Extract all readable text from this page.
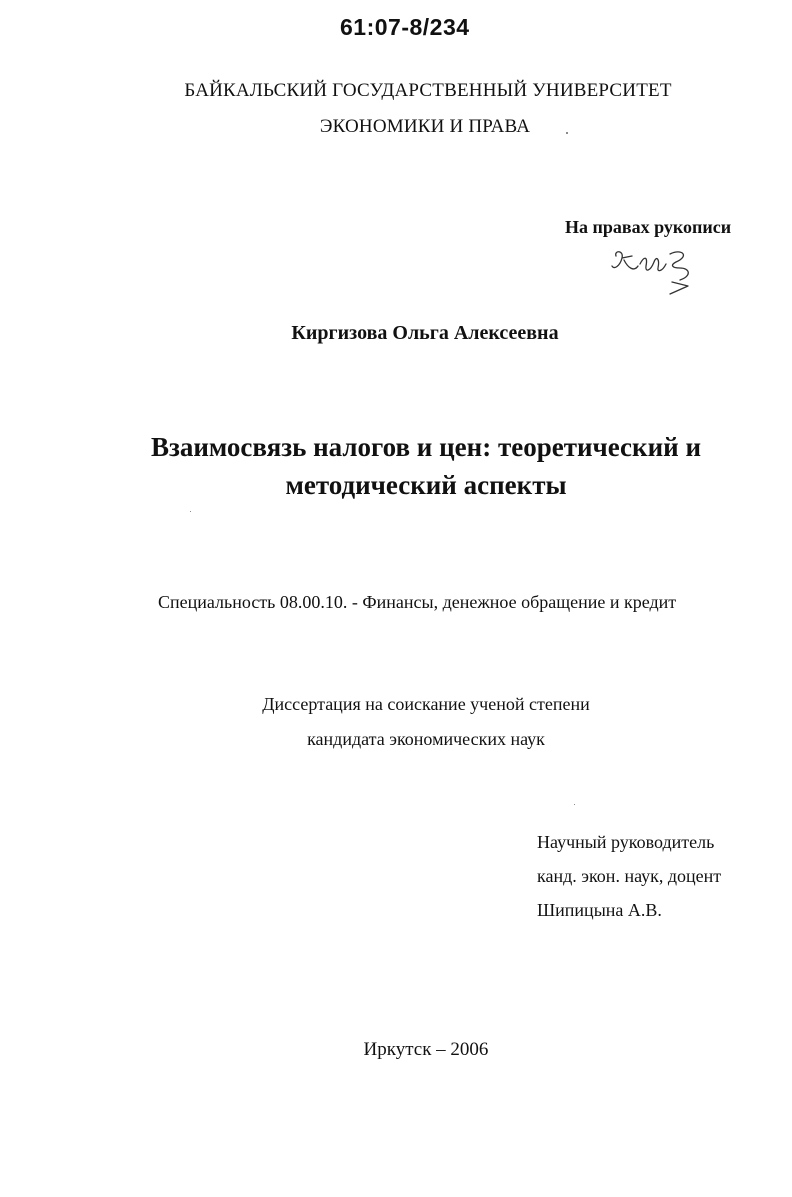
61:07-8/234
БАЙКАЛЬСКИЙ ГОСУДАРСТВЕННЫЙ УНИВЕРСИТЕТ
ЭКОНОМИКИ И ПРАВА
На правах рукописи
Киргизова Ольга Алексеевна
Взаимосвязь налогов и цен: теоретический и
методический аспекты
Специальность 08.00.10. - Финансы, денежное обращение и кредит
Диссертация на соискание ученой степени
кандидата экономических наук
Научный руководитель
канд. экон. наук, доцент
Шипицына А.В.
Иркутск – 2006
